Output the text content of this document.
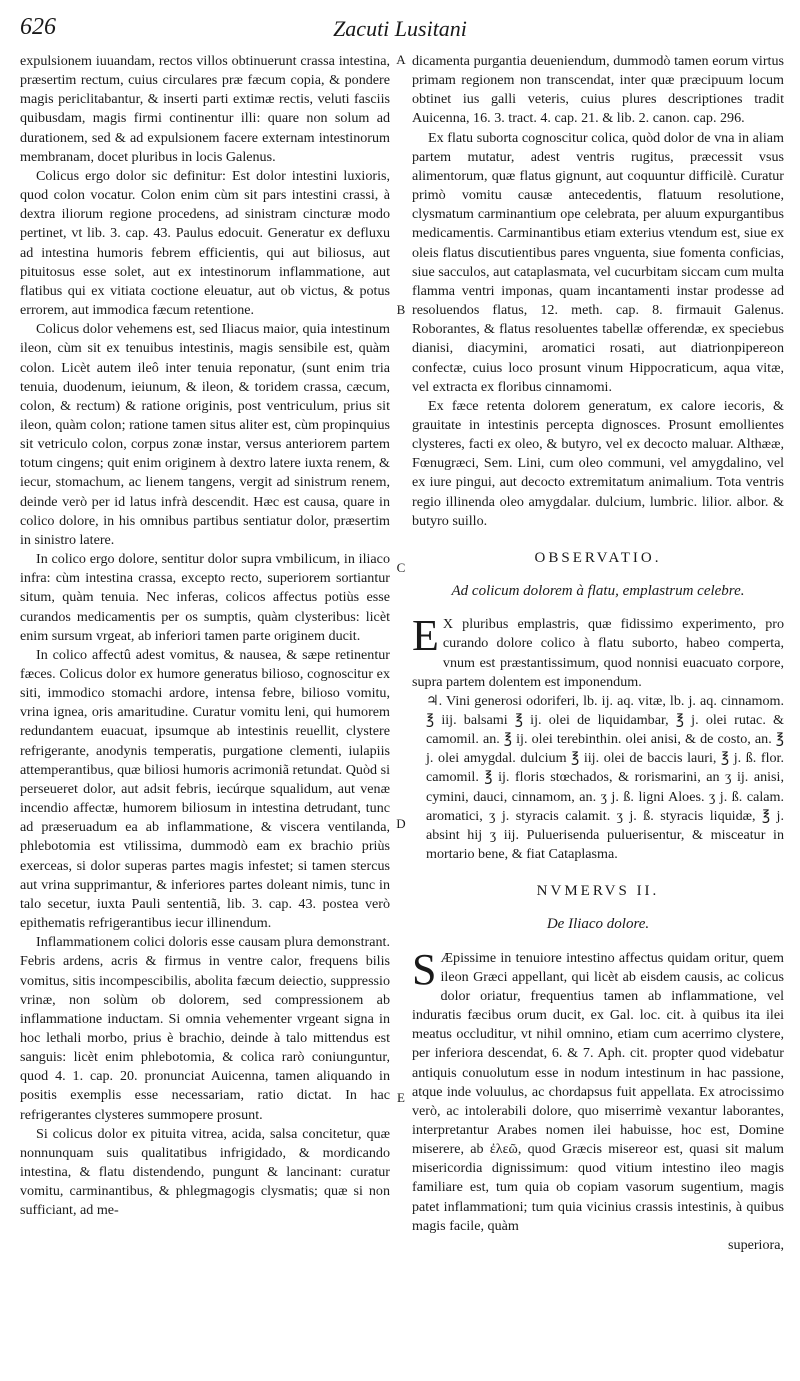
626	Zacuti Lusitani
A
B
C
D
E

expulsionem iuuandam, rectos villos obtinuerunt crassa intestina, præsertim rectum, cuius circulares præ fæcum copia, & pondere magis periclitabantur, & inserti parti extimæ rectis, veluti fasciis quibusdam, magis firmi continentur illi: quare non solum ad durationem, sed & ad expulsionem facere externam intestinorum membranam, docet pluribus in locis Galenus.

Colicus ergo dolor sic definitur: Est dolor intestini luxioris, quod colon vocatur. Colon enim cùm sit pars intestini crassi, à dextra iliorum regione procedens, ad sinistram cincturæ modo pertinet, vt lib. 3. cap. 43. Paulus edocuit. Generatur ex defluxu ad intestina humoris febrem efficientis, qui aut biliosus, aut pituitosus esse solet, aut ex intestinorum inflammatione, aut flatibus qui ex vitiata coctione eleuatur, aut ob victus, & potus errorem, aut immodica fæcum retentione.

Colicus dolor vehemens est, sed Iliacus maior, quia intestinum ileon, cùm sit ex tenuibus intestinis, magis sensibile est, quàm colon. Licèt autem ileô inter tenuia reponatur, (sunt enim tria tenuia, duodenum, ieiunum, & ileon, & toridem crassa, cæcum, colon, & rectum) & ratione originis, post ventriculum, prius sit ileon, quàm colon; ratione tamen situs aliter est, cùm propinquius sit vetriculo colon, corpus zonæ instar, versus anteriorem partem totum cingens; quit enim originem à dextro latere iuxta renem, & iecur, stomachum, ac lienem tangens, vergit ad sinistrum renem, deinde verò per id latus infrà descendit. Hæc est causa, quare in colico dolore, in his omnibus partibus sentiatur dolor, præsertim in sinistro latere.

In colico ergo dolore, sentitur dolor supra vmbilicum, in iliaco infra: cùm intestina crassa, excepto recto, superiorem sortiantur situm, quàm tenuia. Nec inferas, colicos affectus potiùs esse curandos medicamentis per os sumptis, quàm clysteribus: licèt enim sursum vrgeat, ab inferiori tamen parte originem ducit.

In colico affectû adest vomitus, & nausea, & sæpe retinentur fæces. Colicus dolor ex humore generatus bilioso, cognoscitur ex siti, immodico stomachi ardore, intensa febre, bilioso vomitu, vrina ignea, oris amaritudine. Curatur vomitu leni, qui humorem redundantem euacuat, ipsumque ab intestinis reuellit, clystere refrigerante, anodynis temperatis, purgatione clementi, iulapiis attemperantibus, quæ biliosi humoris acrimoniã retundat. Quòd si perseueret dolor, aut adsit febris, iecúrque squalidum, aut venæ incendio affectæ, humorem biliosum in intestina detrudant, tunc ad præseruadum ea ab inflammatione, & viscera ventilanda, phlebotomia est vtilissima, dummodò eam ex brachio priùs exerceas, si dolor superas partes magis infestet; si tamen stercus aut vrina supprimantur, & inferiores partes doleant nimis, tunc in talo secetur, iuxta Pauli sententiã, lib. 3. cap. 43. postea verò epithematis refrigerantibus iecur illinendum.

Inflammationem colici doloris esse causam plura demonstrant. Febris ardens, acris & firmus in ventre calor, frequens bilis vomitus, sitis incompescibilis, abolita fæcum deiectio, suppressio vrinæ, non solùm ob dolorem, sed compressionem ab inflammatione inductam. Si omnia vehementer vrgeant signa in hoc lethali morbo, prius è brachio, deinde à talo mittendus est sanguis: licèt enim phlebotomia, & colica rarò coniunguntur, quod 4. 1. cap. 20. pronunciat Auicenna, tamen aliquando in positis exemplis esse necessariam, ratio dictat. In hac refrigerantes clysteres summopere prosunt.

Si colicus dolor ex pituita vitrea, acida, salsa concitetur, quæ nonnunquam suis qualitatibus infrigidado, & mordicando intestina, & flatu distendendo, pungunt & lancinant: curatur vomitu, carminantibus, & phlegmagogis clysmatis; quæ si non sufficiant, ad me-

dicamenta purgantia deueniendum, dummodò tamen eorum virtus primam regionem non transcendat, inter quæ præcipuum locum obtinet ius galli veteris, cuius plures descriptiones tradit Auicenna, 16. 3. tract. 4. cap. 21. & lib. 2. canon. cap. 296.

Ex flatu suborta cognoscitur colica, quòd dolor de vna in aliam partem mutatur, adest ventris rugitus, præcessit vsus alimentorum, quæ flatus gignunt, aut coquuntur difficilè. Curatur primò vomitu causæ antecedentis, flatuum resolutione, clysmatum carminantium ope celebrata, per aluum expurgantibus medicamentis. Carminantibus etiam exterius vtendum est, siue ex oleis flatus discutientibus pares vnguenta, siue fomenta conficias, siue sacculos, aut cataplasmata, vel cucurbitam siccam cum multa flamma ventri imponas, quam incantamenti instar prodesse ad resoluendos flatus, 12. meth. cap. 8. firmauit Galenus. Roborantes, & flatus resoluentes tabellæ offerendæ, ex speciebus dianisi, diacymini, aromatici rosati, aut diatrionpipereon confectæ, cuius loco prosunt vinum Hippocraticum, aqua vitæ, vel extracta ex floribus cinnamomi.

Ex fæce retenta dolorem generatum, ex calore iecoris, & grauitate in intestinis percepta dignosces. Prosunt emollientes clysteres, facti ex oleo, & butyro, vel ex decocto maluar. Althææ, Fœnugræci, Sem. Lini, cum oleo communi, vel amygdalino, vel ex iure pingui, aut decocto extremitatum animalium. Tota ventris regio illinenda oleo amygdalar. dulcium, lumbric. lilior. albor. & butyro suillo.

OBSERVATIO.
Ad colicum dolorem à flatu, emplastrum celebre.

E X pluribus emplastris, quæ fidissimo experimento, pro curando dolore colico à flatu suborto, habeo comperta, vnum est præstantissimum, quod nonnisi euacuato corpore, supra partem dolentem est imponendum.

♃. Vini generosi odoriferi, lb. ij. aq. vitæ, lb. j. aq. cinnamom. ℥ iij. balsami ℥ ij. olei de liquidambar, ℥ j. olei rutac. & camomil. an. ℥ ij. olei terebinthin. olei anisi, & de costo, an. ℥ j. olei amygdal. dulcium ℥ iij. olei de baccis lauri, ℥ j. ß. flor. camomil. ℥ ij. floris stœchados, & rorismarini, an ʒ ij. anisi, cymini, dauci, cinnamom, an. ʒ j. ß. ligni Aloes. ʒ j. ß. calam. aromatici, ʒ j. styracis calamit. ʒ j. ß. styracis liquidæ, ℥ j. absint hij ʒ iij. Puluerisenda puluerisentur, & misceatur in mortario bene, & fiat Cataplasma.

NVMERVS II.
De Iliaco dolore.

S Æpissime in tenuiore intestino affectus quidam oritur, quem ileon Græci appellant, qui licèt ab eisdem causis, ac colicus dolor oriatur, frequentius tamen ab inflammatione, vel induratis fæcibus orum ducit, ex Gal. loc. cit. à quibus ita ilei meatus occluditur, vt nihil omnino, etiam cum acerrimo clystere, per inferiora descendat, 6. & 7. Aph. cit. propter quod videbatur antiquis conuolutum esse in nodum intestinum in hac passione, atque inde voluulus, ac chordapsus fuit appellata. Ex atrocissimo verò, ac intolerabili dolore, quo miserrimè vexantur laborantes, interpretantur Arabes nomen ilei habuisse, hoc est, Domine miserere, ab ἐλεῶ, quod Græcis misereor est, quasi sit malum misericordia dignissimum: quod vitium intestino ileo magis familiare est, tum quia ob copiam vasorum sugentium, magis patet inflammationi; tum quia vicinius crassis intestinis, à quibus magis facile, quàm

superiora,
